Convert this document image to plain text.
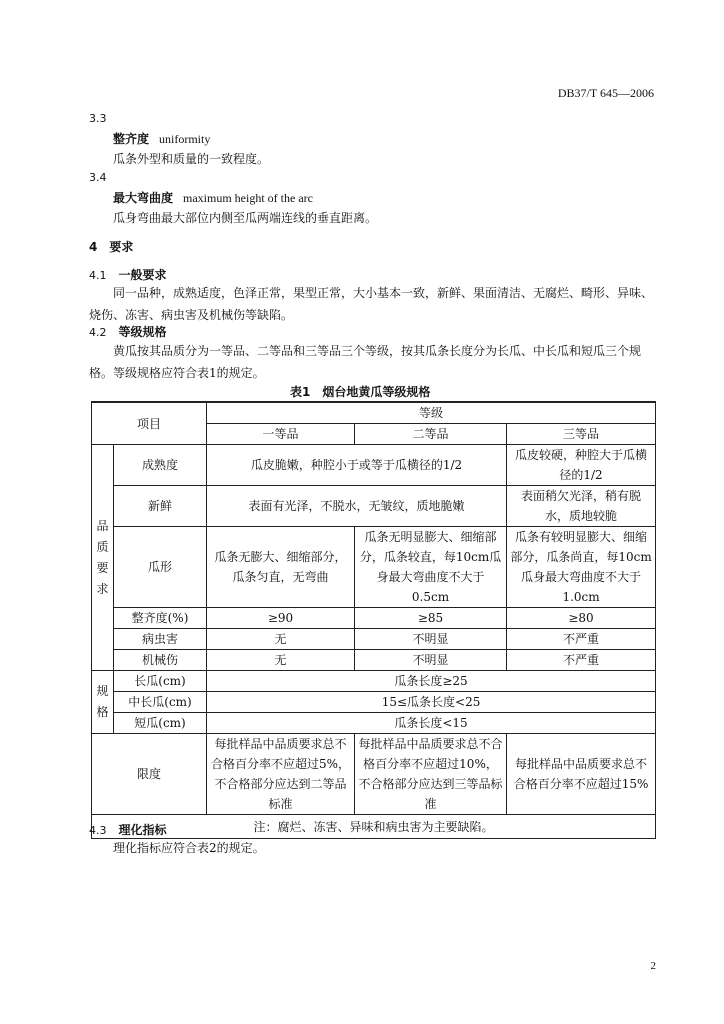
DB37/T 645—2006
3.3
整齐度 uniformity
瓜条外型和质量的一致程度。
3.4
最大弯曲度 maximum height of the arc
瓜身弯曲最大部位内侧至瓜两端连线的垂直距离。
4 要求
4.1 一般要求
同一品种，成熟适度，色泽正常，果型正常，大小基本一致，新鲜、果面清洁、无腐烂、畸形、异味、烧伤、冻害、病虫害及机械伤等缺陷。
4.2 等级规格
黄瓜按其品质分为一等品、二等品和三等品三个等级，按其瓜条长度分为长瓜、中长瓜和短瓜三个规格。等级规格应符合表1的规定。
表1　烟台地黄瓜等级规格
项目		等级		
		一等品	二等品	三等品
品质要求	成熟度	瓜皮脆嫩，种腔小于或等于瓜横径的1/2		瓜皮较硬，种腔大于瓜横径的1/2
	新鲜	表面有光泽，不脱水，无皱纹，质地脆嫩		表面稍欠光泽，稍有脱水，质地较脆
	瓜形	瓜条无膨大、细缩部分，瓜条匀直，无弯曲	瓜条无明显膨大、细缩部分，瓜条较直，每10cm瓜身最大弯曲度不大于0.5cm	瓜条有较明显膨大、细缩部分，瓜条尚直，每10cm瓜身最大弯曲度不大于1.0cm
	整齐度(%)	≥90	≥85	≥80
	病虫害	无	不明显	不严重
	机械伤	无	不明显	不严重
规格	长瓜(cm)	瓜条长度≥25		
	中长瓜(cm)	15≤瓜条长度<25		
	短瓜(cm)	瓜条长度<15		
限度		每批样品中品质要求总不合格百分率不应超过5%，不合格部分应达到二等品标准	每批样品中品质要求总不合格百分率不应超过10%，不合格部分应达到三等品标准	每批样品中品质要求总不合格百分率不应超过15%
注：腐烂、冻害、异味和病虫害为主要缺陷。				
4.3 理化指标
理化指标应符合表2的规定。
2
